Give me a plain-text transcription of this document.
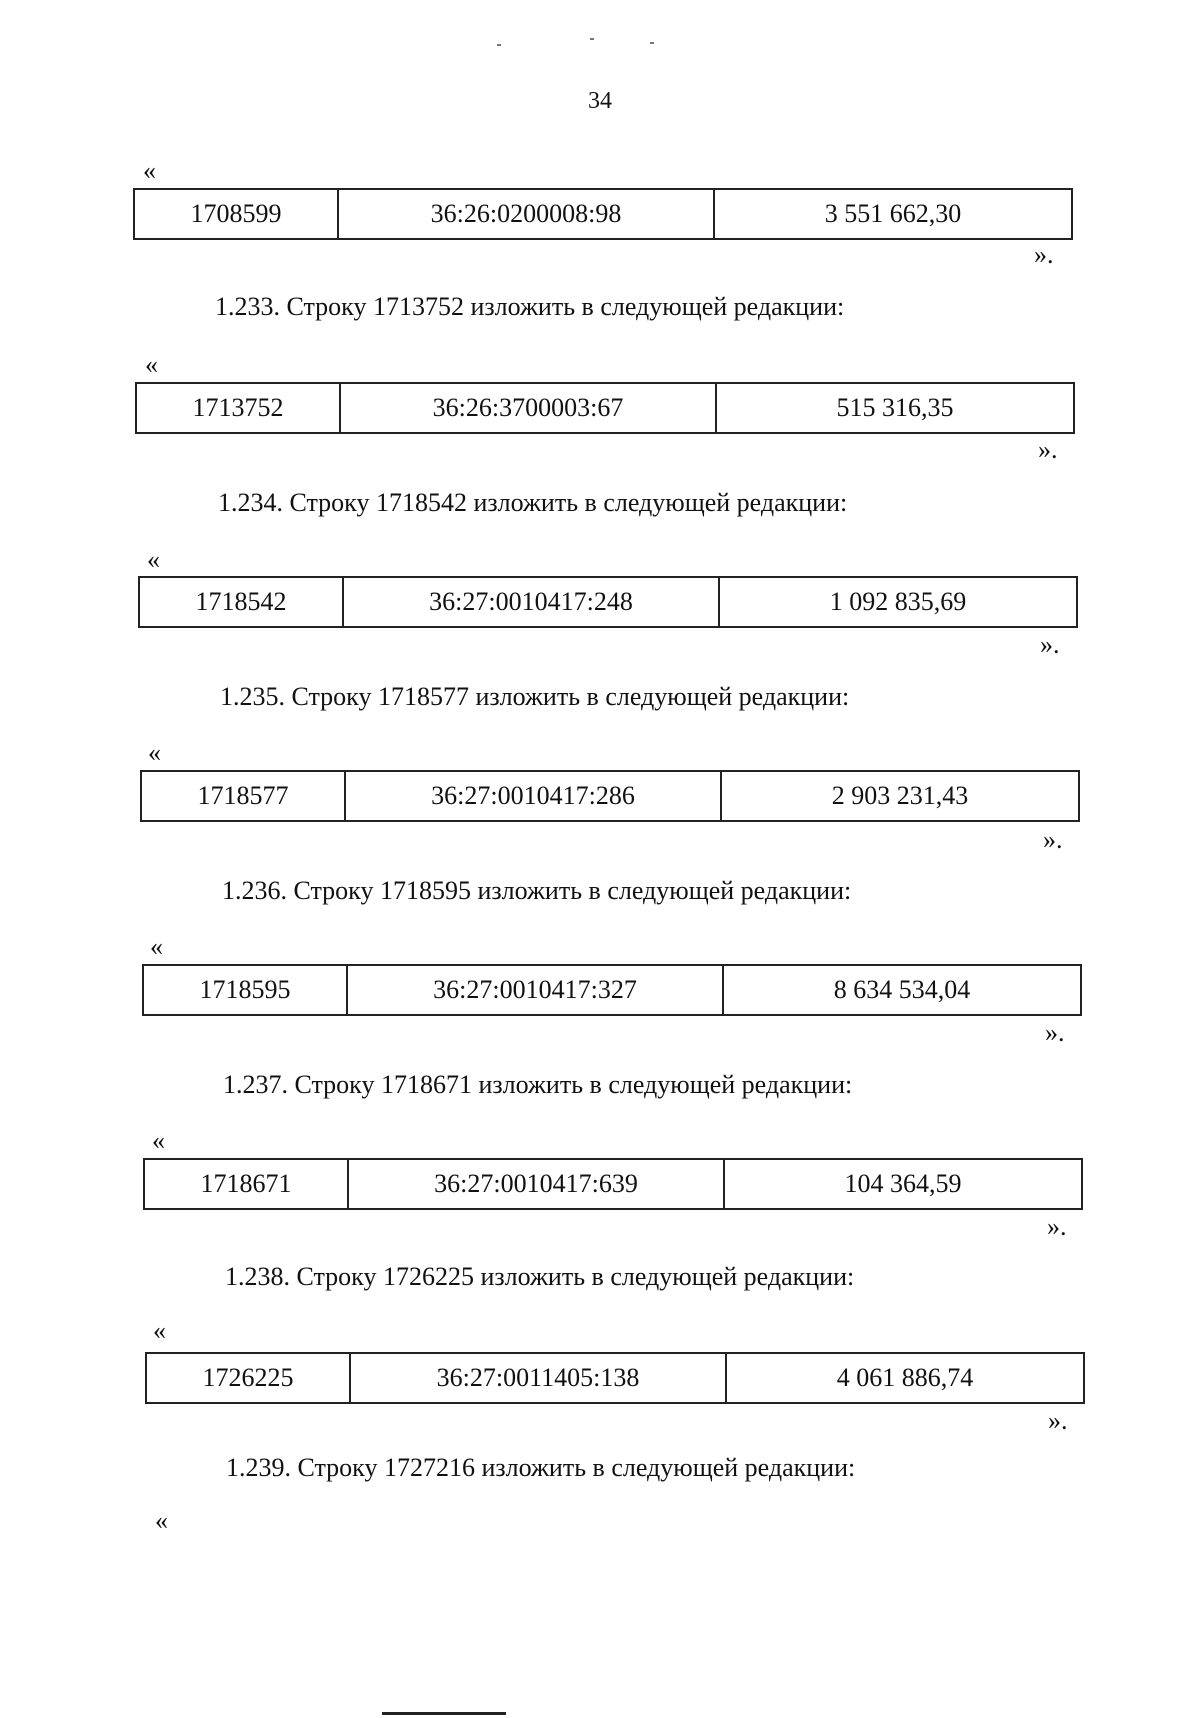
34
«
1708599	36:26:0200008:98	3 551 662,30
».
1.233. Строку 1713752 изложить в следующей редакции:
«
1713752	36:26:3700003:67	515 316,35
».
1.234. Строку 1718542 изложить в следующей редакции:
«
1718542	36:27:0010417:248	1 092 835,69
».
1.235. Строку 1718577 изложить в следующей редакции:
«
1718577	36:27:0010417:286	2 903 231,43
».
1.236. Строку 1718595 изложить в следующей редакции:
«
1718595	36:27:0010417:327	8 634 534,04
».
1.237. Строку 1718671 изложить в следующей редакции:
«
1718671	36:27:0010417:639	104 364,59
».
1.238. Строку 1726225 изложить в следующей редакции:
«
1726225	36:27:0011405:138	4 061 886,74
».
1.239. Строку 1727216 изложить в следующей редакции:
«
